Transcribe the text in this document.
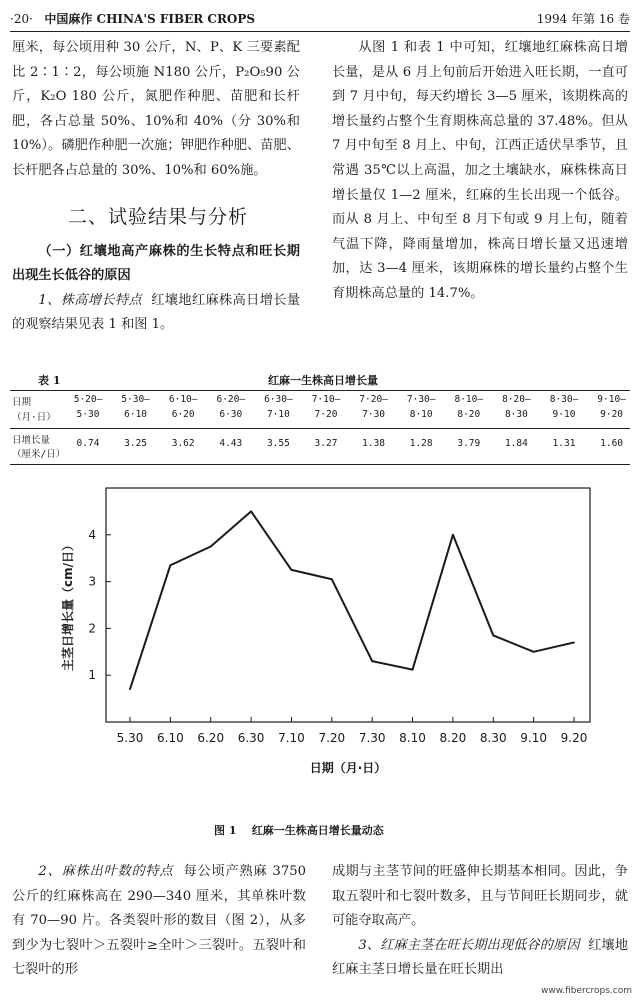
·20· 中国麻作 CHINA'S FIBER CROPS	1994 年第 16 卷

厘米，每公顷用种 30 公斤，N、P、K 三要素配比 2∶1∶2，每公顷施 N180 公斤，P₂O₅90 公斤，K₂O 180 公斤，氮肥作种肥、苗肥和长杆肥，各占总量 50%、10%和 40%（分 30%和 10%）。磷肥作种肥一次施；钾肥作种肥、苗肥、长杆肥各占总量的 30%、10%和 60%施。

二、试验结果与分析

（一）红壤地高产麻株的生长特点和旺长期出现生长低谷的原因

1、株高增长特点 红壤地红麻株高日增长量的观察结果见表 1 和图 1。

从图 1 和表 1 中可知，红壤地红麻株高日增长量，是从 6 月上旬前后开始进入旺长期，一直可到 7 月中旬，每天约增长 3—5 厘米，该期株高的增长量约占整个生育期株高总量的 37.48%。但从 7 月中旬至 8 月上、中旬，江西正适伏旱季节，且常遇 35℃以上高温，加之土壤缺水，麻株株高日增长量仅 1—2 厘米，红麻的生长出现一个低谷。而从 8 月上、中旬至 8 月下旬或 9 月上旬，随着气温下降，降雨量增加，株高日增长量又迅速增加，达 3—4 厘米，该期麻株的增长量约占整个生育期株高总量的 14.7%。

表 1	红麻一生株高日增长量
日期
（月·日）
5·20—
5·30
0.74
5·30—
6·10
3.25
6·10—
6·20
3.62
6·20—
6·30
4.43
6·30—
7·10
3.55
7·10—
7·20
3.27
7·20—
7·30
1.38
7·30—
8·10
1.28
8·10—
8·20
3.79
8·20—
8·30
1.84
8·30—
9·10
1.31
9·10—
9·20
1.60
日增长量
（厘米/日）
1
2
3
4
5.30 6.10 6.20 6.30 7.10 7.20 7.30 8.10 8.20 8.30 9.10 9.20
日期（月·日）
主茎日增长量（cm/日）
图 1 红麻一生株高日增长量动态

2、麻株出叶数的特点 每公顷产熟麻 3750 公斤的红麻株高在 290—340 厘米，其单株叶数有 70—90 片。各类裂叶形的数目（图 2），从多到少为七裂叶＞五裂叶≥全叶＞三裂叶。五裂叶和七裂叶的形

成期与主茎节间的旺盛伸长期基本相同。因此，争取五裂叶和七裂叶数多，且与节间旺长期同步，就可能夺取高产。

3、红麻主茎在旺长期出现低谷的原因 红壤地红麻主茎日增长量在旺长期出

www.fibercrops.com
